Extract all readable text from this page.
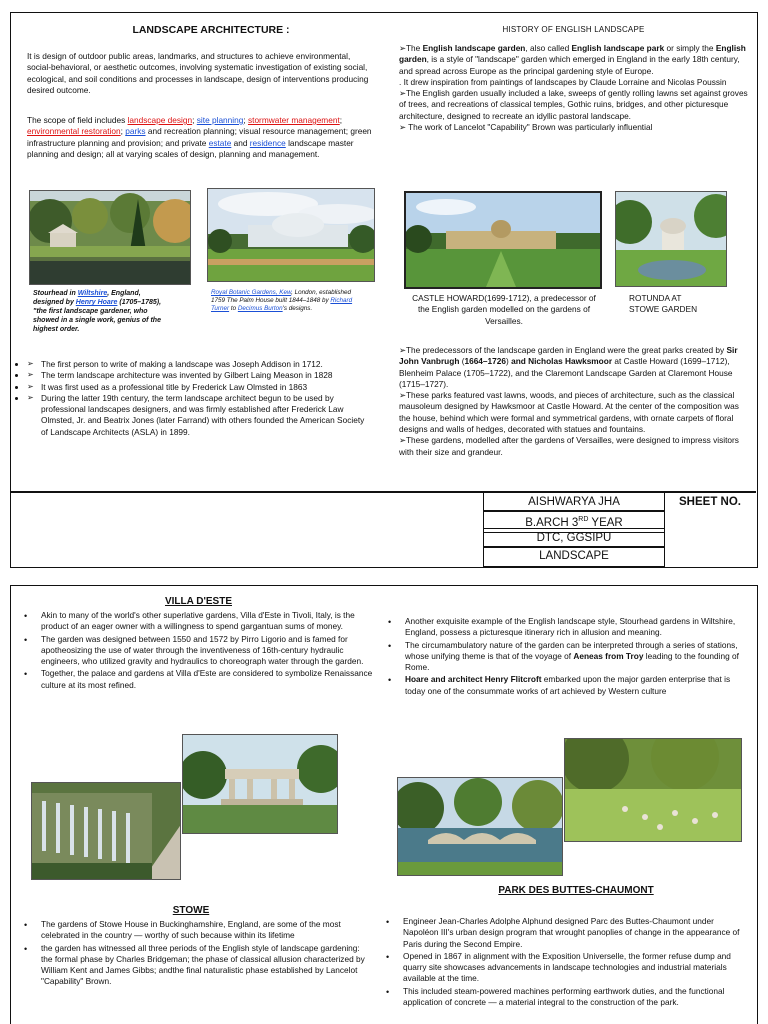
LANDSCAPE ARCHITECTURE :	HISTORY OF ENGLISH LANDSCAPE

It is design of outdoor public areas, landmarks, and structures to achieve environmental, social-behavioral, or aesthetic outcomes, involving systematic investigation of existing social, ecological, and soil conditions and processes in landscape, design of interventions producing desired outcome.

The scope of field includes landscape design; site planning; stormwater management; environmental restoration; parks and recreation planning; visual resource management; green infrastructure planning and provision; and private estate and residence landscape master planning and design; all at varying scales of design, planning and management.

Stourhead in Wiltshire, England, designed by Henry Hoare (1705–1785), "the first landscape gardener, who showed in a single work, genius of the highest order.

Royal Botanic Gardens, Kew, London, established 1759 The Palm House built 1844–1848 by Richard Turner to Decimus Burton's designs.

➢ • The first person to write of making a landscape was Joseph Addison in 1712.
➢ • The term landscape architecture was invented by Gilbert Laing Meason in 1828
➢ • It was first used as a professional title by Frederick Law Olmsted in 1863
➢ • During the latter 19th century, the term landscape architect begun to be used by professional landscapes designers, and was firmly established after Frederick Law Olmsted, Jr. and Beatrix Jones (later Farrand) with others founded the American Society of Landscape Architects (ASLA) in 1899.

➢The English landscape garden, also called English landscape park or simply the English garden, is a style of "landscape" garden which emerged in England in the early 18th century, and spread across Europe as the principal gardening style of Europe.

. It drew inspiration from paintings of landscapes by Claude Lorraine and Nicolas Poussin

➢The English garden usually included a lake, sweeps of gently rolling lawns set against groves of trees, and recreations of classical temples, Gothic ruins, bridges, and other picturesque architecture, designed to recreate an idyllic pastoral landscape.

➢ The work of Lancelot "Capability" Brown was particularly influential

CASTLE HOWARD(1699-1712), a predecessor of the English garden modelled on the gardens of Versailles.

ROTUNDA AT STOWE GARDEN

➢The predecessors of the landscape garden in England were the great parks created by Sir John Vanbrugh (1664–1726) and Nicholas Hawksmoor at Castle Howard (1699–1712), Blenheim Palace (1705–1722), and the Claremont Landscape Garden at Claremont House (1715–1727).

➢These parks featured vast lawns, woods, and pieces of architecture, such as the classical mausoleum designed by Hawksmoor at Castle Howard. At the center of the composition was the house, behind which were formal and symmetrical gardens, with ornate carpets of floral designs and walls of hedges, decorated with statues and fountains.

➢These gardens, modelled after the gardens of Versailles, were designed to impress visitors with their size and grandeur.

AISHWARYA JHA
B.ARCH 3RD YEAR
DTC, GGSIPU
LANDSCAPE
SHEET NO.
VILLA D'ESTE
• Akin to many of the world's other superlative gardens, Villa d'Este in Tivoli, Italy, is the product of an eager owner with a willingness to spend gargantuan sums of money.
• The garden was designed between 1550 and 1572 by Pirro Ligorio and is famed for apotheosizing the use of water through the inventiveness of 16th-century hydraulic engineers, who utilized gravity and hydraulics to choreograph water through the garden.
• Together, the palace and gardens at Villa d'Este are considered to symbolize Renaissance culture at its most refined.
• Another exquisite example of the English landscape style, Stourhead gardens in Wiltshire, England, possess a picturesque itinerary rich in allusion and meaning.
• The circumambulatory nature of the garden can be interpreted through a series of stations, whose unifying theme is that of the voyage of Aeneas from Troy leading to the founding of Rome.
• Hoare and architect Henry Flitcroft embarked upon the major garden enterprise that is today one of the consummate works of art achieved by Western culture
PARK DES BUTTES-CHAUMONT
STOWE
• The gardens of Stowe House in Buckinghamshire, England, are some of the most celebrated in the country — worthy of such because within its lifetime
• the garden has witnessed all three periods of the English style of landscape gardening: the formal phase by Charles Bridgeman; the phase of classical allusion characterized by William Kent and James Gibbs; andthe final naturalistic phase established by Lancelot "Capability" Brown.
• Engineer Jean-Charles Adolphe Alphund designed Parc des Buttes-Chaumont under Napoléon III's urban design program that wrought panoplies of change in the appearance of Paris during the Second Empire.
• Opened in 1867 in alignment with the Exposition Universelle, the former refuse dump and quarry site showcases advancements in landscape technologies and industrial materials available at the time.
• This included steam-powered machines performing earthwork duties, and the functional application of concrete — a material integral to the construction of the park.
